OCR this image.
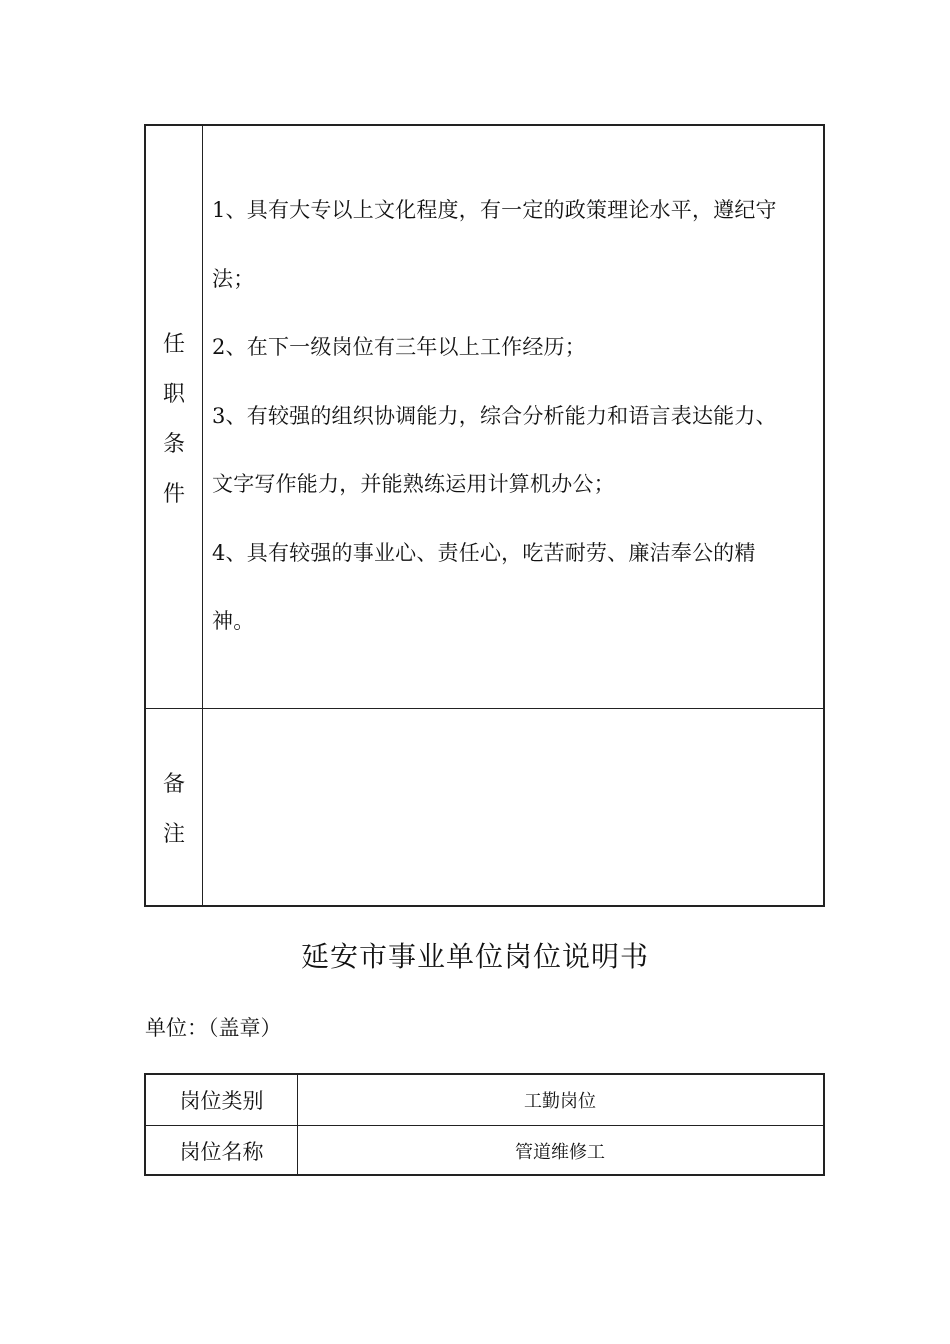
任
职
条
件
1、具有大专以上文化程度，有一定的政策理论水平，遵纪守
法；
2、在下一级岗位有三年以上工作经历；
3、有较强的组织协调能力，综合分析能力和语言表达能力、
文字写作能力，并能熟练运用计算机办公；
4、具有较强的事业心、责任心，吃苦耐劳、廉洁奉公的精
神。
备
注
延安市事业单位岗位说明书
单位：（盖章）
岗位类别	工勤岗位
岗位名称	管道维修工
